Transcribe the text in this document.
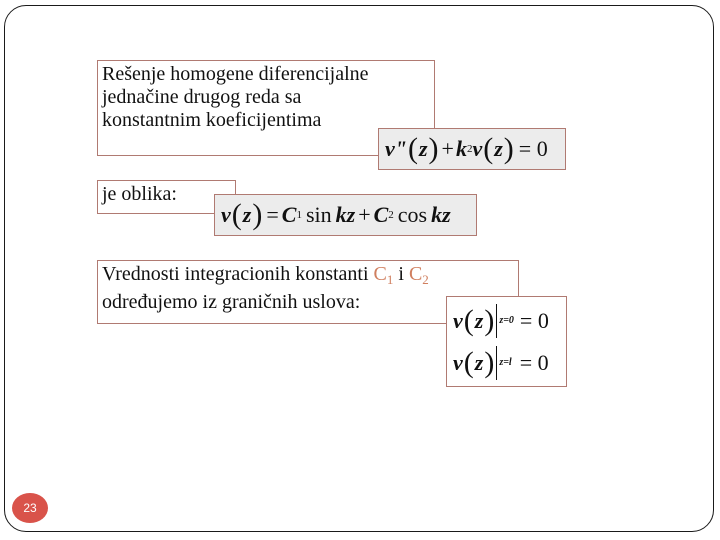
Rešenje homogene diferencijalne
jednačine drugog reda sa
konstantnim koeficijentima
v" ( z ) + k 2 v ( z ) = 0
je oblika:
v ( z ) = C 1 sin kz + C 2 cos kz
Vrednosti integracionih konstanti $C_1$ i $C_2$
određujemo iz graničnih uslova:
v ( z ) z=0 = 0
v ( z ) z=l = 0
23
